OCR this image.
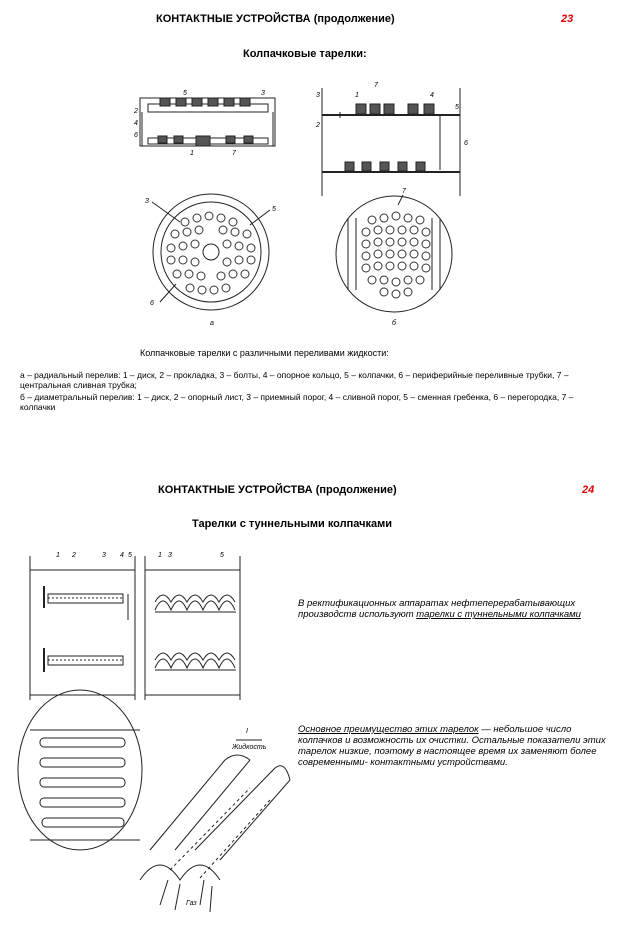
КОНТАКТНЫЕ УСТРОЙСТВА (продолжение)	23
Колпачковые тарелки:
5	3
2
4
6
1	7
3
7
1	4
5
2
6
3
5
6
7
а	б
Колпачковые тарелки с различными переливами жидкости:
а – радиальный перелив: 1 – диск, 2 – прокладка, 3 – болты, 4 – опорное кольцо, 5 – колпачки, 6 – периферийные переливные трубки, 7 – центральная сливная трубка;
б – диаметральный перелив: 1 – диск, 2 – опорный лист, 3 – приемный порог, 4 – сливной порог, 5 – сменная гребенка, 6 – перегородка, 7 – колпачки
КОНТАКТНЫЕ УСТРОЙСТВА (продолжение)	24
Тарелки с туннельными колпачками
1 2	3 4 5	1 3	5
I
Жидкость
Газ
В ректификационных аппаратах нефтеперерабатывающих производств используют тарелки с туннельными колпачками
Основное преимущество этих тарелок — небольшое число колпачков и возможность их очистки. Остальные показатели этих тарелок низкие, поэтому в настоящее время их заменяют более современными- контактными устройствами.
